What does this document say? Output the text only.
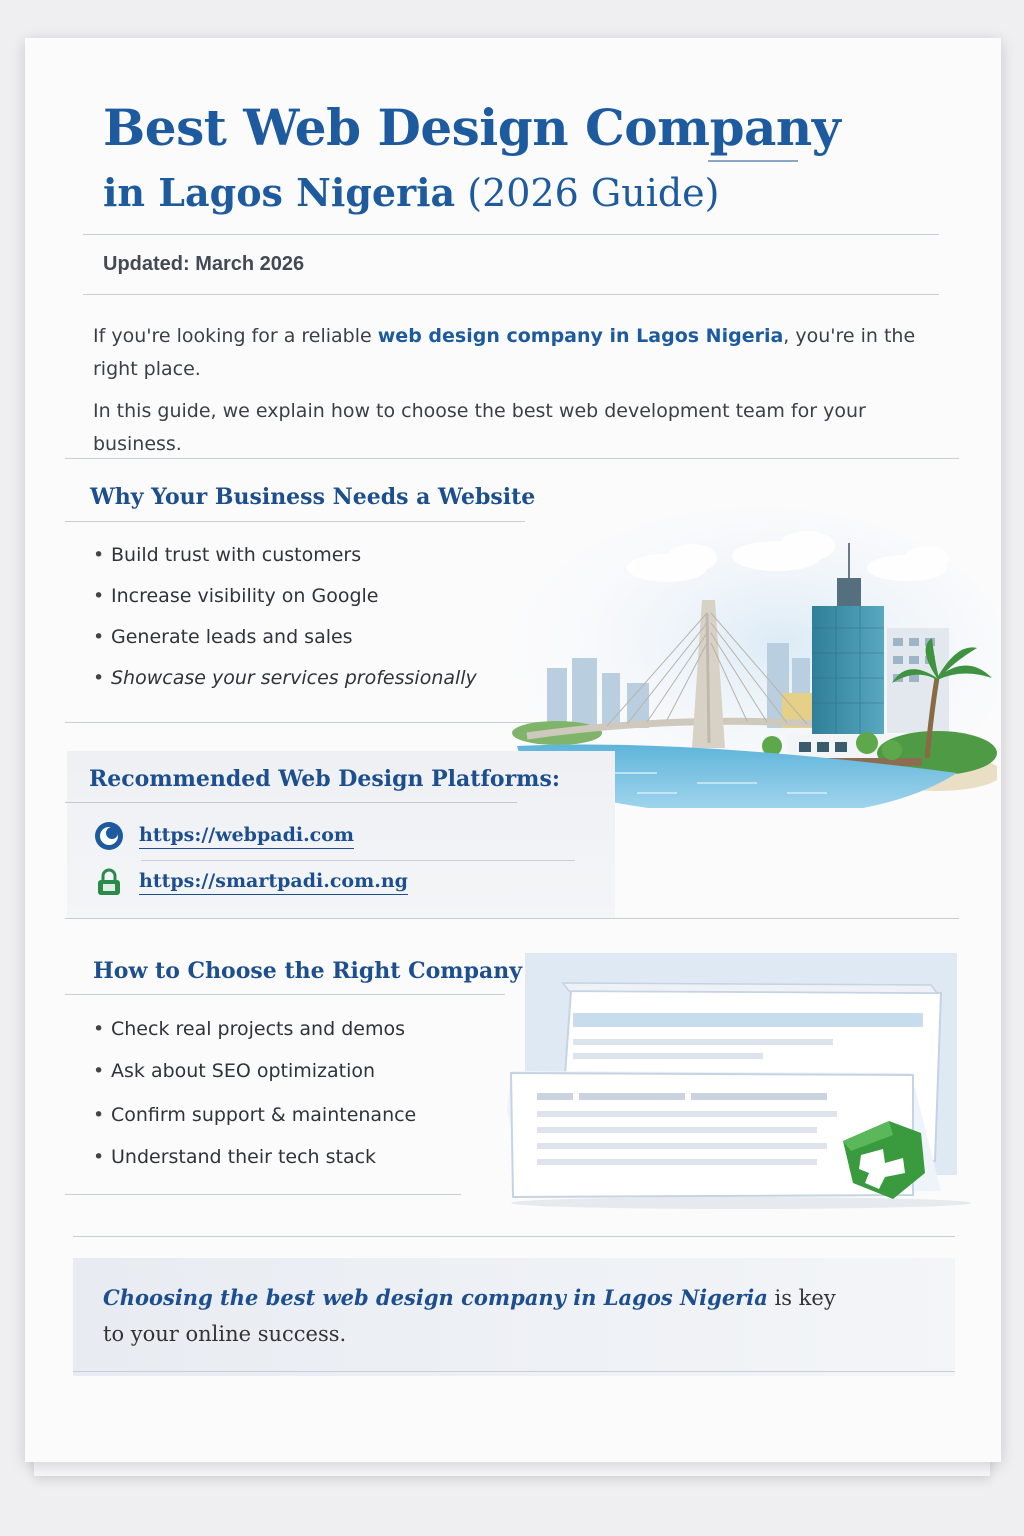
Best Web Design Company
in Lagos Nigeria (2026 Guide)
Updated: March 2026

If you're looking for a reliable web design company in Lagos Nigeria, you're in the right place.

In this guide, we explain how to choose the best web development team for your business.

Why Your Business Needs a Website
• Build trust with customers
• Increase visibility on Google
• Generate leads and sales
• Showcase your services professionally
Recommended Web Design Platforms:
https://webpadi.com
https://smartpadi.com.ng
How to Choose the Right Company
• Check real projects and demos
• Ask about SEO optimization
• Confirm support & maintenance
• Understand their tech stack

Choosing the best web design company in Lagos Nigeria is key to your online success.
